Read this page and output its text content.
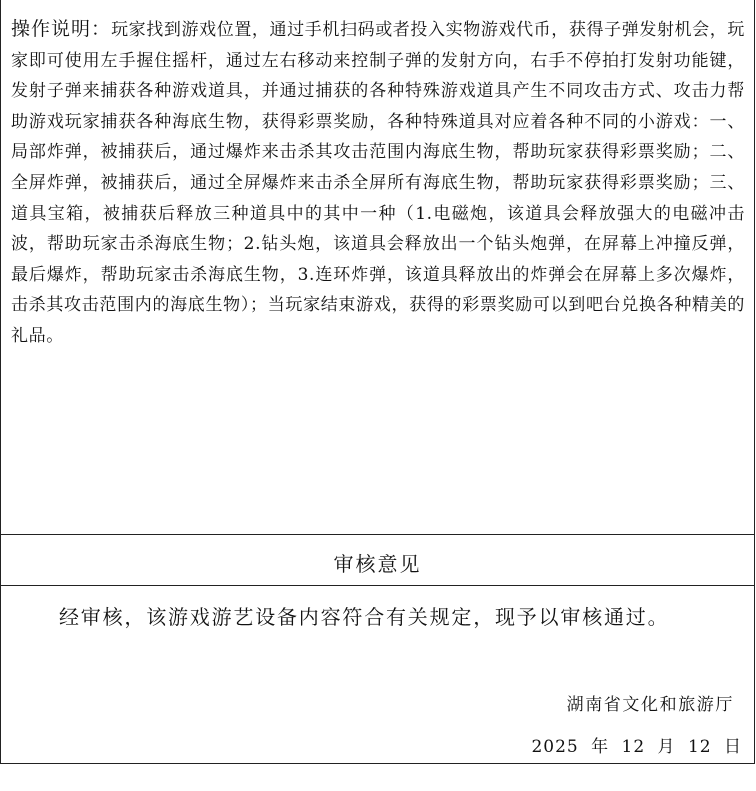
操作说明：玩家找到游戏位置，通过手机扫码或者投入实物游戏代币，获得子弹发射机会，玩家即可使用左手握住摇杆，通过左右移动来控制子弹的发射方向，右手不停拍打发射功能键，发射子弹来捕获各种游戏道具，并通过捕获的各种特殊游戏道具产生不同攻击方式、攻击力帮助游戏玩家捕获各种海底生物，获得彩票奖励，各种特殊道具对应着各种不同的小游戏：一、局部炸弹，被捕获后，通过爆炸来击杀其攻击范围内海底生物，帮助玩家获得彩票奖励；二、全屏炸弹，被捕获后，通过全屏爆炸来击杀全屏所有海底生物，帮助玩家获得彩票奖励；三、道具宝箱，被捕获后释放三种道具中的其中一种（1.电磁炮，该道具会释放强大的电磁冲击波，帮助玩家击杀海底生物；2.钻头炮，该道具会释放出一个钻头炮弹，在屏幕上冲撞反弹，最后爆炸，帮助玩家击杀海底生物，3.连环炸弹，该道具释放出的炸弹会在屏幕上多次爆炸，击杀其攻击范围内的海底生物）；当玩家结束游戏，获得的彩票奖励可以到吧台兑换各种精美的礼品。
审核意见
经审核，该游戏游艺设备内容符合有关规定，现予以审核通过。
湖南省文化和旅游厅
2025 年 12 月 12 日
